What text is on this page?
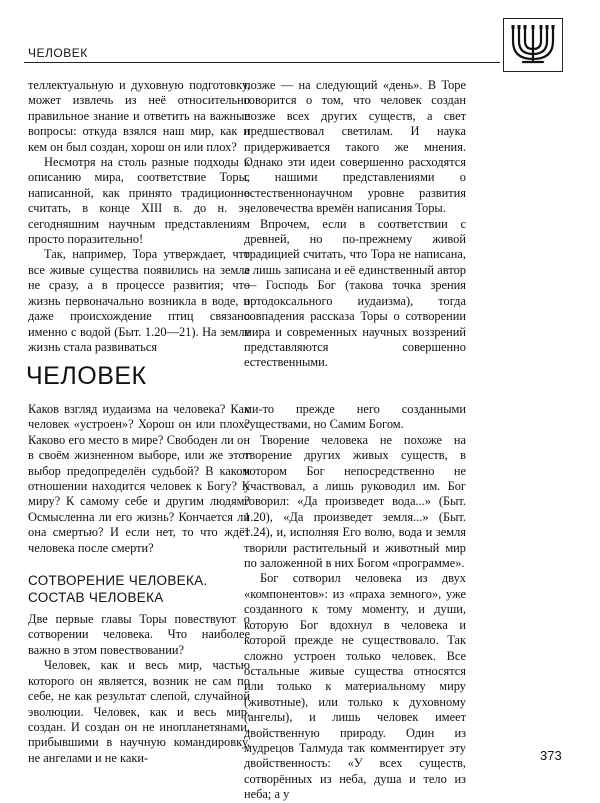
ЧЕЛОВЕК

теллектуальную и духовную подготовку, может извлечь из неё относительно правильное знание и ответить на важные вопросы: откуда взялся наш мир, как и кем он был создан, хорош он или плох?

Несмотря на столь разные подходы к описанию мира, соответствие Торы, написанной, как принято традиционно считать, в конце XIII в. до н. э., сегодняшним научным представлениям просто поразительно!

Так, например, Тора утверждает, что все живые существа появились на земле не сразу, а в процессе развития; что жизнь первоначально возникла в воде, и даже происхождение птиц связано именно с водой (Быт. 1.20—21). На земле жизнь стала развиваться

позже — на следующий «день». В Торе говорится о том, что человек создан позже всех других существ, а свет предшествовал светилам. И наука придерживается такого же мнения. Однако эти идеи совершенно расходятся с нашими представлениями о естественнонаучном уровне развития человечества времён написания Торы.

Впрочем, если в соответствии с древней, но по-прежнему живой традицией считать, что Тора не написана, а лишь записана и её единственный автор — Господь Бог (такова точка зрения ортодоксального иудаизма), тогда совпадения рассказа Торы о сотворении мира и современных научных воззрений представляются совершенно естественными.

ЧЕЛОВЕК

Каков взгляд иудаизма на человека? Как человек «устроен»? Хорош он или плох? Каково его место в мире? Свободен ли он в своём жизненном выборе, или же этот выбор предопределён судьбой? В каком отношении находится человек к Богу? К миру? К самому себе и другим людям? Осмысленна ли его жизнь? Кончается ли она смертью? И если нет, то что ждёт человека после смерти?

СОТВОРЕНИЕ ЧЕЛОВЕКА.
СОСТАВ ЧЕЛОВЕКА

Две первые главы Торы повествуют о сотворении человека. Что наиболее важно в этом повествовании?

Человек, как и весь мир, частью которого он является, возник не сам по себе, не как результат слепой, случайной эволюции. Человек, как и весь мир, создан. И создан он не инопланетянами, прибывшими в научную командировку, не ангелами и не каки-

ми-то прежде него созданными существами, но Самим Богом.

Творение человека не похоже на творение других живых существ, в котором Бог непосредственно не участвовал, а лишь руководил им. Бог говорил: «Да произведет вода...» (Быт. 1.20), «Да произведет земля...» (Быт. 1.24), и, исполняя Его волю, вода и земля творили растительный и животный мир по заложенной в них Богом «программе».

Бог сотворил человека из двух «компонентов»: из «праха земного», уже созданного к тому моменту, и души, которую Бог вдохнул в человека и которой прежде не существовало. Так сложно устроен только человек. Все остальные живые существа относятся или только к материальному миру (животные), или только к духовному (ангелы), и лишь человек имеет двойственную природу. Один из мудрецов Талмуда так комментирует эту двойственность: «У всех существ, сотворённых из неба, душа и тело из неба; а у

373
